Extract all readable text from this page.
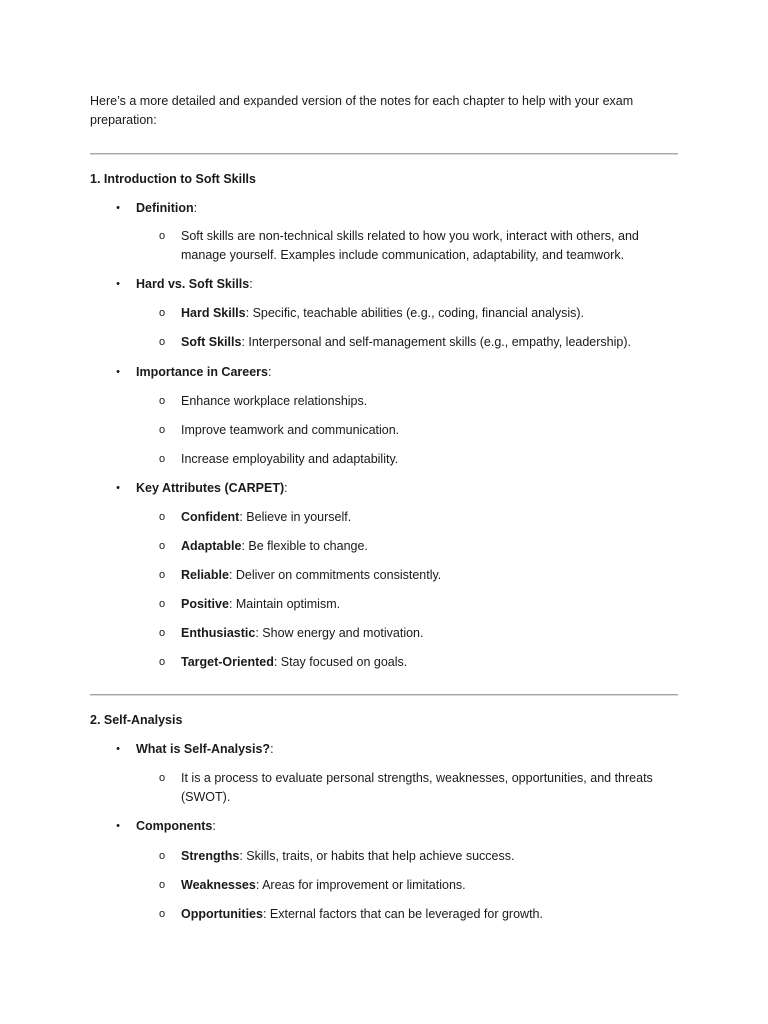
Here’s a more detailed and expanded version of the notes for each chapter to help with your exam preparation:
1. Introduction to Soft Skills
•	Definition:
o Soft skills are non-technical skills related to how you work, interact with others, and manage yourself. Examples include communication, adaptability, and teamwork.
•	Hard vs. Soft Skills:
o Hard Skills: Specific, teachable abilities (e.g., coding, financial analysis).
o Soft Skills: Interpersonal and self-management skills (e.g., empathy, leadership).
•	Importance in Careers:
o Enhance workplace relationships.
o Improve teamwork and communication.
o Increase employability and adaptability.
•	Key Attributes (CARPET):
o Confident: Believe in yourself.
o Adaptable: Be flexible to change.
o Reliable: Deliver on commitments consistently.
o Positive: Maintain optimism.
o Enthusiastic: Show energy and motivation.
o Target-Oriented: Stay focused on goals.
2. Self-Analysis
•	What is Self-Analysis?:
o It is a process to evaluate personal strengths, weaknesses, opportunities, and threats (SWOT).
•	Components:
o Strengths: Skills, traits, or habits that help achieve success.
o Weaknesses: Areas for improvement or limitations.
o Opportunities: External factors that can be leveraged for growth.
